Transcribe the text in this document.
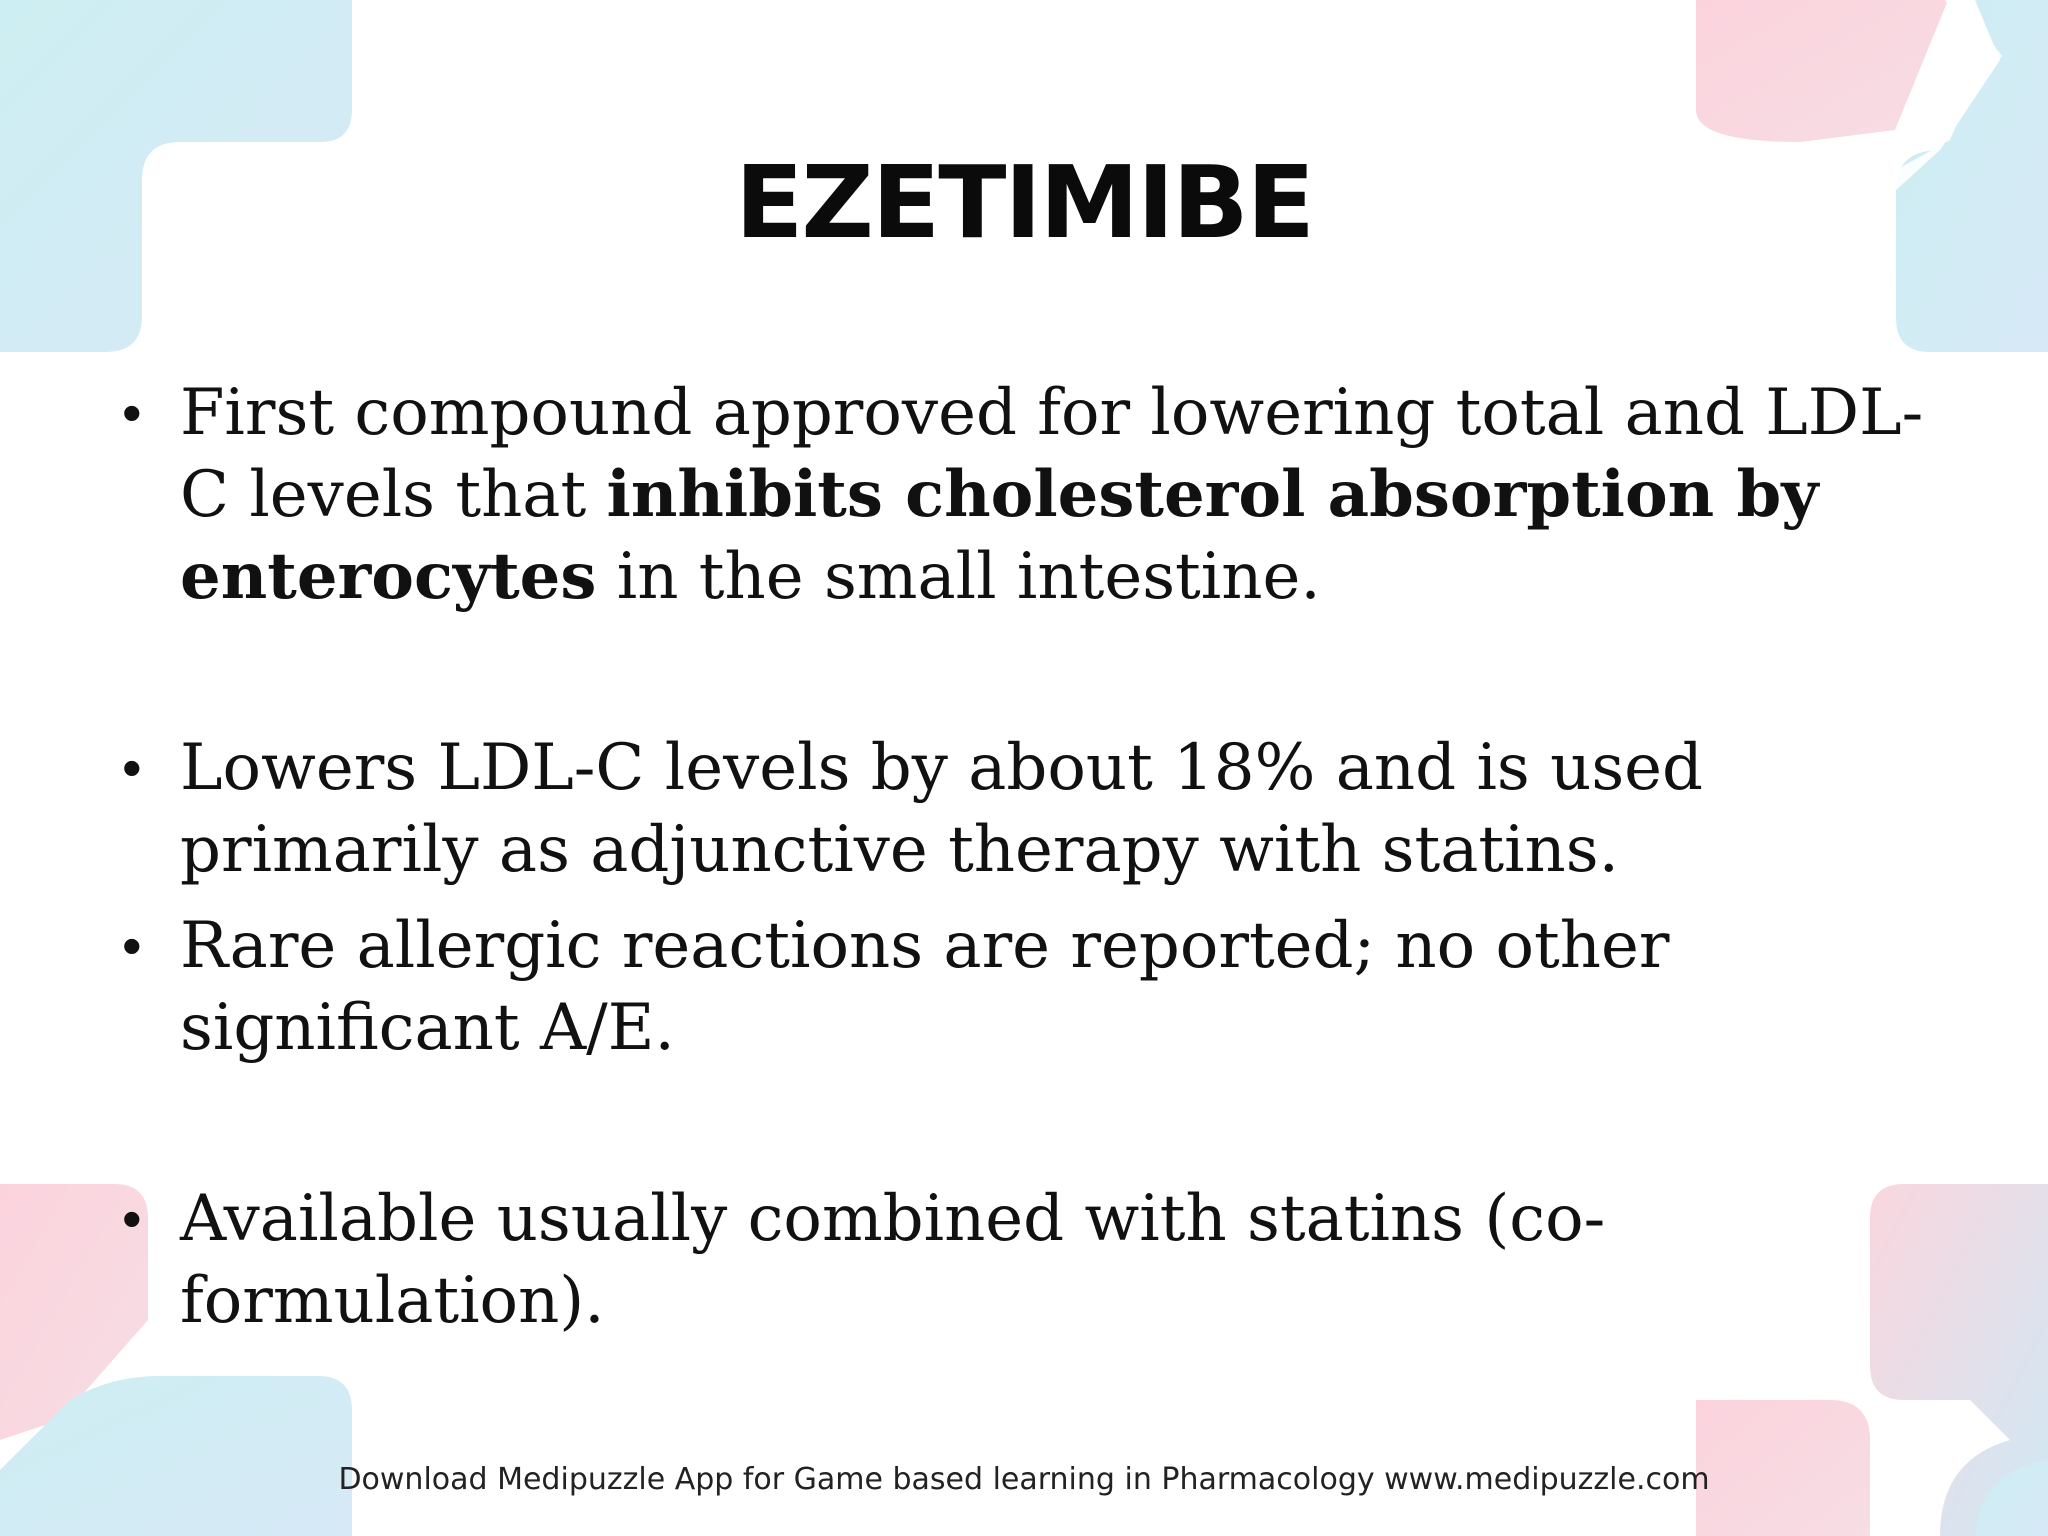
EZETIMIBE
• First compound approved for lowering total and LDL-C levels that inhibits cholesterol absorption by enterocytes in the small intestine.
• Lowers LDL-C levels by about 18% and is used primarily as adjunctive therapy with statins.
• Rare allergic reactions are reported; no other significant A/E.
• Available usually combined with statins (co-formulation).

Download Medipuzzle App for Game based learning in Pharmacology www.medipuzzle.com
